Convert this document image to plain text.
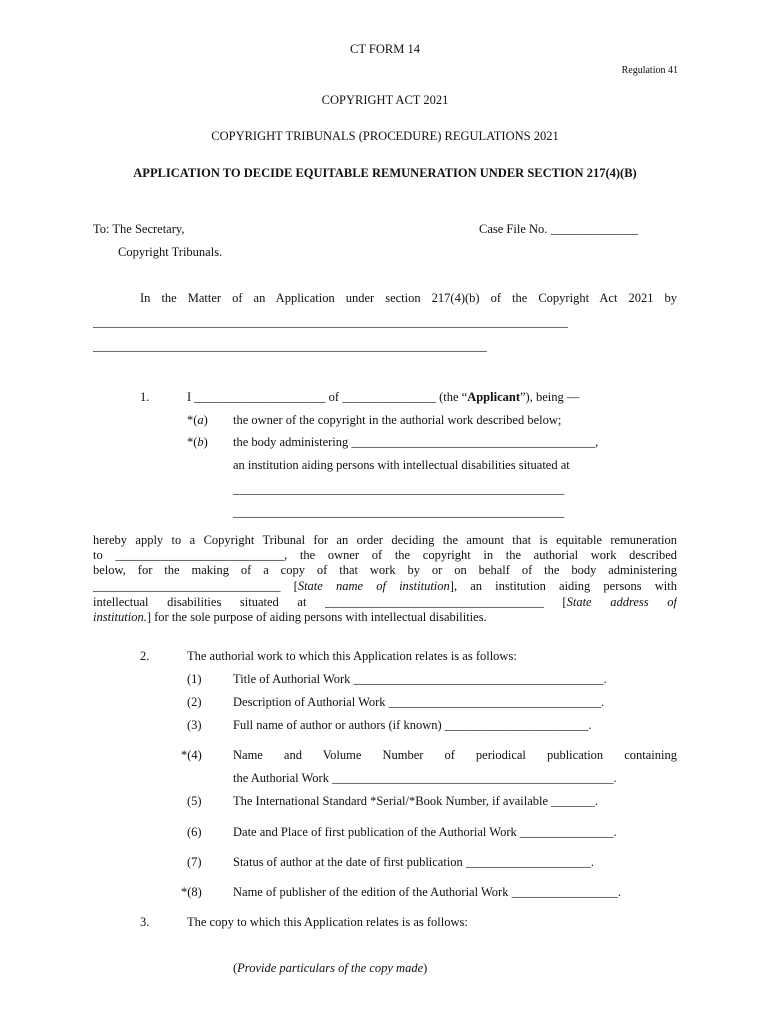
CT FORM 14
Regulation 41
COPYRIGHT ACT 2021
COPYRIGHT TRIBUNALS (PROCEDURE) REGULATIONS 2021
APPLICATION TO DECIDE EQUITABLE REMUNERATION UNDER SECTION 217(4)(B)
To: The Secretary,	Case File No. ______________
Copyright Tribunals.
In the Matter of an Application under section 217(4)(b) of the Copyright Act 2021 by
____________________________________________________________________________
_______________________________________________________________
1.	I _____________________ of _______________ (the “Applicant”), being —
*(a) the owner of the copyright in the authorial work described below;
*(b) the body administering _______________________________________,
an institution aiding persons with intellectual disabilities situated at
_____________________________________________________
_____________________________________________________
hereby apply to a Copyright Tribunal for an order deciding the amount that is equitable remuneration
to ___________________________, the owner of the copyright in the authorial work described
below, for the making of a copy of that work by or on behalf of the body administering
______________________________ [State name of institution], an institution aiding persons with
intellectual disabilities situated at ___________________________________ [State address of
institution.] for the sole purpose of aiding persons with intellectual disabilities.
2.	The authorial work to which this Application relates is as follows:
(1)	Title of Authorial Work ________________________________________.
(2)	Description of Authorial Work __________________________________.
(3)	Full name of author or authors (if known) _______________________.
*(4) Name and Volume Number of periodical publication containing
the Authorial Work _____________________________________________.
(5)	The International Standard *Serial/*Book Number, if available _______.
(6)	Date and Place of first publication of the Authorial Work _______________.
(7)	Status of author at the date of first publication ____________________.
*(8) Name of publisher of the edition of the Authorial Work _________________.
3.	The copy to which this Application relates is as follows:
(Provide particulars of the copy made)
